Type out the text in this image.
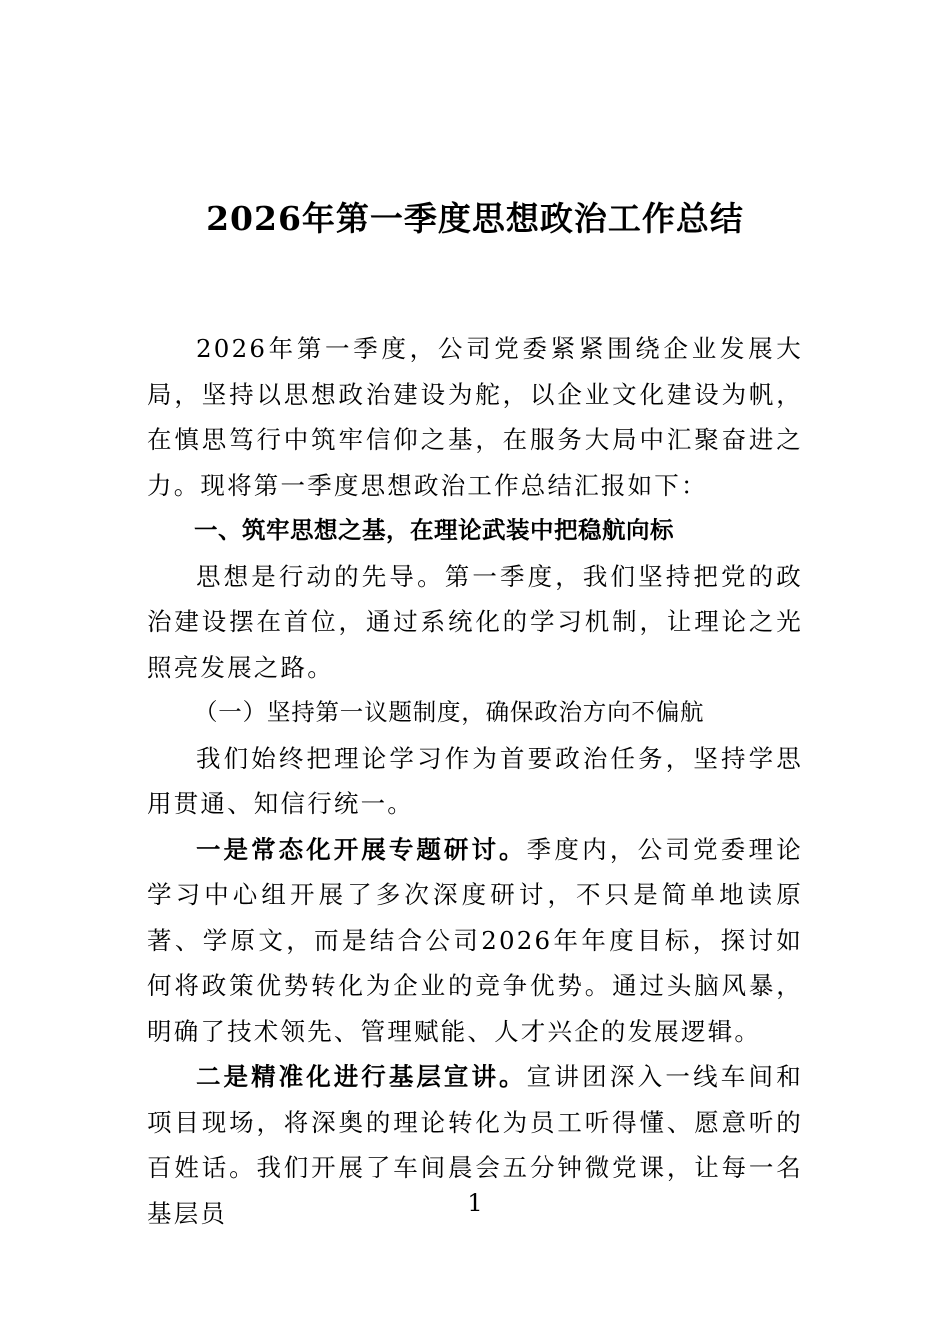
2026年第一季度思想政治工作总结

2026年第一季度，公司党委紧紧围绕企业发展大局，坚持以思想政治建设为舵，以企业文化建设为帆，在慎思笃行中筑牢信仰之基，在服务大局中汇聚奋进之力。现将第一季度思想政治工作总结汇报如下：

一、筑牢思想之基，在理论武装中把稳航向标

思想是行动的先导。第一季度，我们坚持把党的政治建设摆在首位，通过系统化的学习机制，让理论之光照亮发展之路。

（一）坚持第一议题制度，确保政治方向不偏航

我们始终把理论学习作为首要政治任务，坚持学思用贯通、知信行统一。

一是常态化开展专题研讨。季度内，公司党委理论学习中心组开展了多次深度研讨，不只是简单地读原著、学原文，而是结合公司2026年年度目标，探讨如何将政策优势转化为企业的竞争优势。通过头脑风暴，明确了技术领先、管理赋能、人才兴企的发展逻辑。

二是精准化进行基层宣讲。宣讲团深入一线车间和项目现场，将深奥的理论转化为员工听得懂、愿意听的百姓话。我们开展了车间晨会五分钟微党课，让每一名基层员	1
